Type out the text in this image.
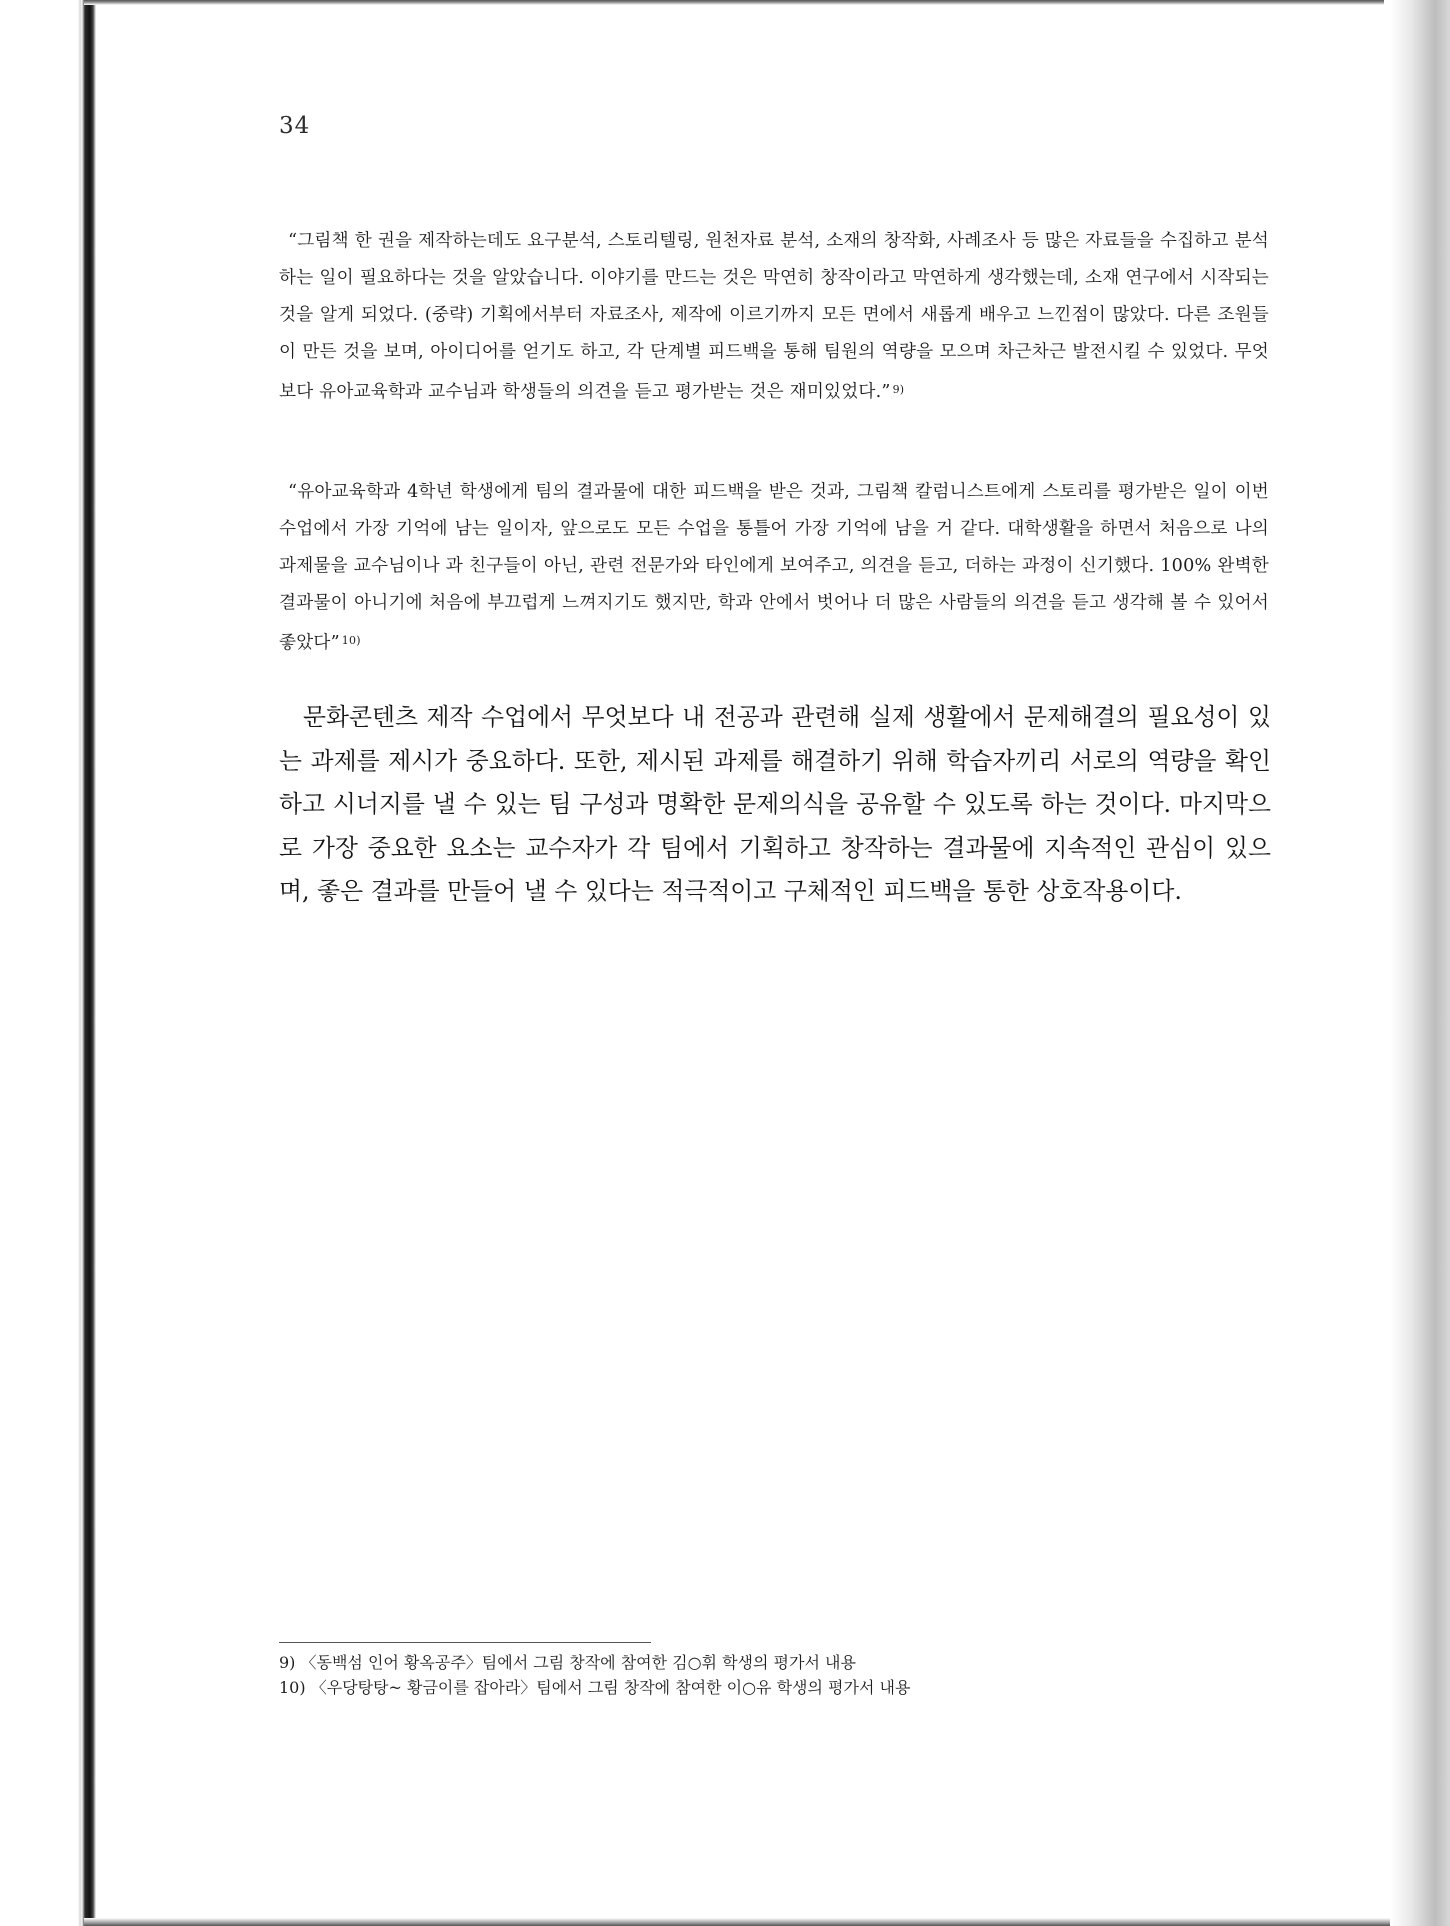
34

“그림책 한 권을 제작하는데도 요구분석, 스토리텔링, 원천자료 분석, 소재의 창작화, 사례조사 등 많은 자료들을 수집하고 분석하는 일이 필요하다는 것을 알았습니다. 이야기를 만드는 것은 막연히 창작이라고 막연하게 생각했는데, 소재 연구에서 시작되는 것을 알게 되었다. (중략) 기획에서부터 자료조사, 제작에 이르기까지 모든 면에서 새롭게 배우고 느낀점이 많았다. 다른 조원들이 만든 것을 보며, 아이디어를 얻기도 하고, 각 단계별 피드백을 통해 팀원의 역량을 모으며 차근차근 발전시킬 수 있었다. 무엇보다 유아교육학과 교수님과 학생들의 의견을 듣고 평가받는 것은 재미있었다.” $^{9)}$

“유아교육학과 4학년 학생에게 팀의 결과물에 대한 피드백을 받은 것과, 그림책 칼럼니스트에게 스토리를 평가받은 일이 이번 수업에서 가장 기억에 남는 일이자, 앞으로도 모든 수업을 통틀어 가장 기억에 남을 거 같다. 대학생활을 하면서 처음으로 나의 과제물을 교수님이나 과 친구들이 아닌, 관련 전문가와 타인에게 보여주고, 의견을 듣고, 더하는 과정이 신기했다. 100% 완벽한 결과물이 아니기에 처음에 부끄럽게 느껴지기도 했지만, 학과 안에서 벗어나 더 많은 사람들의 의견을 듣고 생각해 볼 수 있어서 좋았다” $^{10)}$

문화콘텐츠 제작 수업에서 무엇보다 내 전공과 관련해 실제 생활에서 문제해결의 필요성이 있는 과제를 제시가 중요하다. 또한, 제시된 과제를 해결하기 위해 학습자끼리 서로의 역량을 확인하고 시너지를 낼 수 있는 팀 구성과 명확한 문제의식을 공유할 수 있도록 하는 것이다. 마지막으로 가장 중요한 요소는 교수자가 각 팀에서 기획하고 창작하는 결과물에 지속적인 관심이 있으며, 좋은 결과를 만들어 낼 수 있다는 적극적이고 구체적인 피드백을 통한 상호작용이다.

9) 〈동백섬 인어 황옥공주〉팀에서 그림 창작에 참여한 김○휘 학생의 평가서 내용
10) 〈우당탕탕~ 황금이를 잡아라〉팀에서 그림 창작에 참여한 이○유 학생의 평가서 내용
